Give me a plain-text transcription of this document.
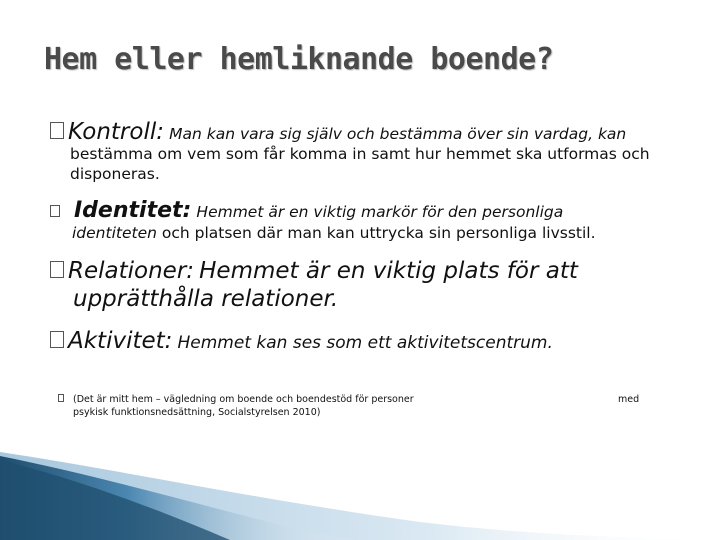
Hem eller hemliknande boende?
Kontroll: Man kan vara sig själv och bestämma över sin vardag, kan
bestämma om vem som får komma in samt hur hemmet ska utformas och disponeras.
Identitet: Hemmet är en viktig markör för den personliga
identiteten och platsen där man kan uttrycka sin personliga livsstil.
Relationer: Hemmet är en viktig plats för att
upprätthålla relationer.
Aktivitet: Hemmet kan ses som ett aktivitetscentrum.
(Det är mitt hem – vägledning om boende och boendestöd för personer	med
psykisk funktionsnedsättning, Socialstyrelsen 2010)
